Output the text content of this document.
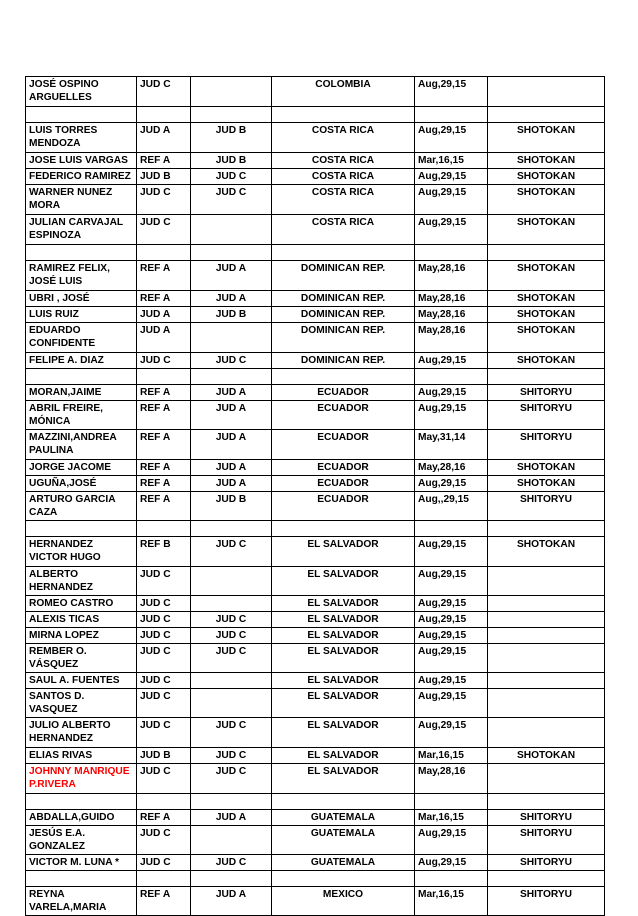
JOSÉ OSPINO ARGUELLES	JUD C		COLOMBIA	Aug,29,15	

LUIS TORRES MENDOZA	JUD A	JUD B	COSTA RICA	Aug,29,15	SHOTOKAN
JOSE LUIS VARGAS	REF A	JUD B	COSTA RICA	Mar,16,15	SHOTOKAN
FEDERICO RAMIREZ	JUD B	JUD C	COSTA RICA	Aug,29,15	SHOTOKAN
WARNER NUNEZ MORA	JUD C	JUD C	COSTA RICA	Aug,29,15	SHOTOKAN
JULIAN CARVAJAL ESPINOZA	JUD C		COSTA RICA	Aug,29,15	SHOTOKAN

RAMIREZ FELIX, JOSÉ LUIS	REF A	JUD A	DOMINICAN REP.	May,28,16	SHOTOKAN
UBRI , JOSÉ	REF A	JUD A	DOMINICAN REP.	May,28,16	SHOTOKAN
LUIS RUIZ	JUD A	JUD B	DOMINICAN REP.	May,28,16	SHOTOKAN
EDUARDO CONFIDENTE	JUD A		DOMINICAN REP.	May,28,16	SHOTOKAN
FELIPE A. DIAZ	JUD C	JUD C	DOMINICAN REP.	Aug,29,15	SHOTOKAN

MORAN,JAIME	REF A	JUD A	ECUADOR	Aug,29,15	SHITORYU
ABRIL FREIRE, MÓNICA	REF A	JUD A	ECUADOR	Aug,29,15	SHITORYU
MAZZINI,ANDREA PAULINA	REF A	JUD A	ECUADOR	May,31,14	SHITORYU
JORGE JACOME	REF A	JUD A	ECUADOR	May,28,16	SHOTOKAN
UGUÑA,JOSÉ	REF A	JUD A	ECUADOR	Aug,29,15	SHOTOKAN
ARTURO GARCIA CAZA	REF A	JUD B	ECUADOR	Aug,,29,15	SHITORYU

HERNANDEZ VICTOR HUGO	REF B	JUD C	EL SALVADOR	Aug,29,15	SHOTOKAN
ALBERTO HERNANDEZ	JUD C		EL SALVADOR	Aug,29,15	
ROMEO CASTRO	JUD C		EL SALVADOR	Aug,29,15	
ALEXIS TICAS	JUD C	JUD C	EL SALVADOR	Aug,29,15	
MIRNA LOPEZ	JUD C	JUD C	EL SALVADOR	Aug,29,15	
REMBER O. VÁSQUEZ	JUD C	JUD C	EL SALVADOR	Aug,29,15	
SAUL A. FUENTES	JUD C		EL SALVADOR	Aug,29,15	
SANTOS D. VASQUEZ	JUD C		EL SALVADOR	Aug,29,15	
JULIO ALBERTO HERNANDEZ	JUD C	JUD C	EL SALVADOR	Aug,29,15	
ELIAS RIVAS	JUD B	JUD C	EL SALVADOR	Mar,16,15	SHOTOKAN
JOHNNY MANRIQUE P.RIVERA	JUD C	JUD C	EL SALVADOR	May,28,16	

ABDALLA,GUIDO	REF A	JUD A	GUATEMALA	Mar,16,15	SHITORYU
JESÚS E.A. GONZALEZ	JUD C		GUATEMALA	Aug,29,15	SHITORYU
VICTOR M. LUNA *	JUD C	JUD C	GUATEMALA	Aug,29,15	SHITORYU

REYNA VARELA,MARIA	REF A	JUD A	MEXICO	Mar,16,15	SHITORYU
